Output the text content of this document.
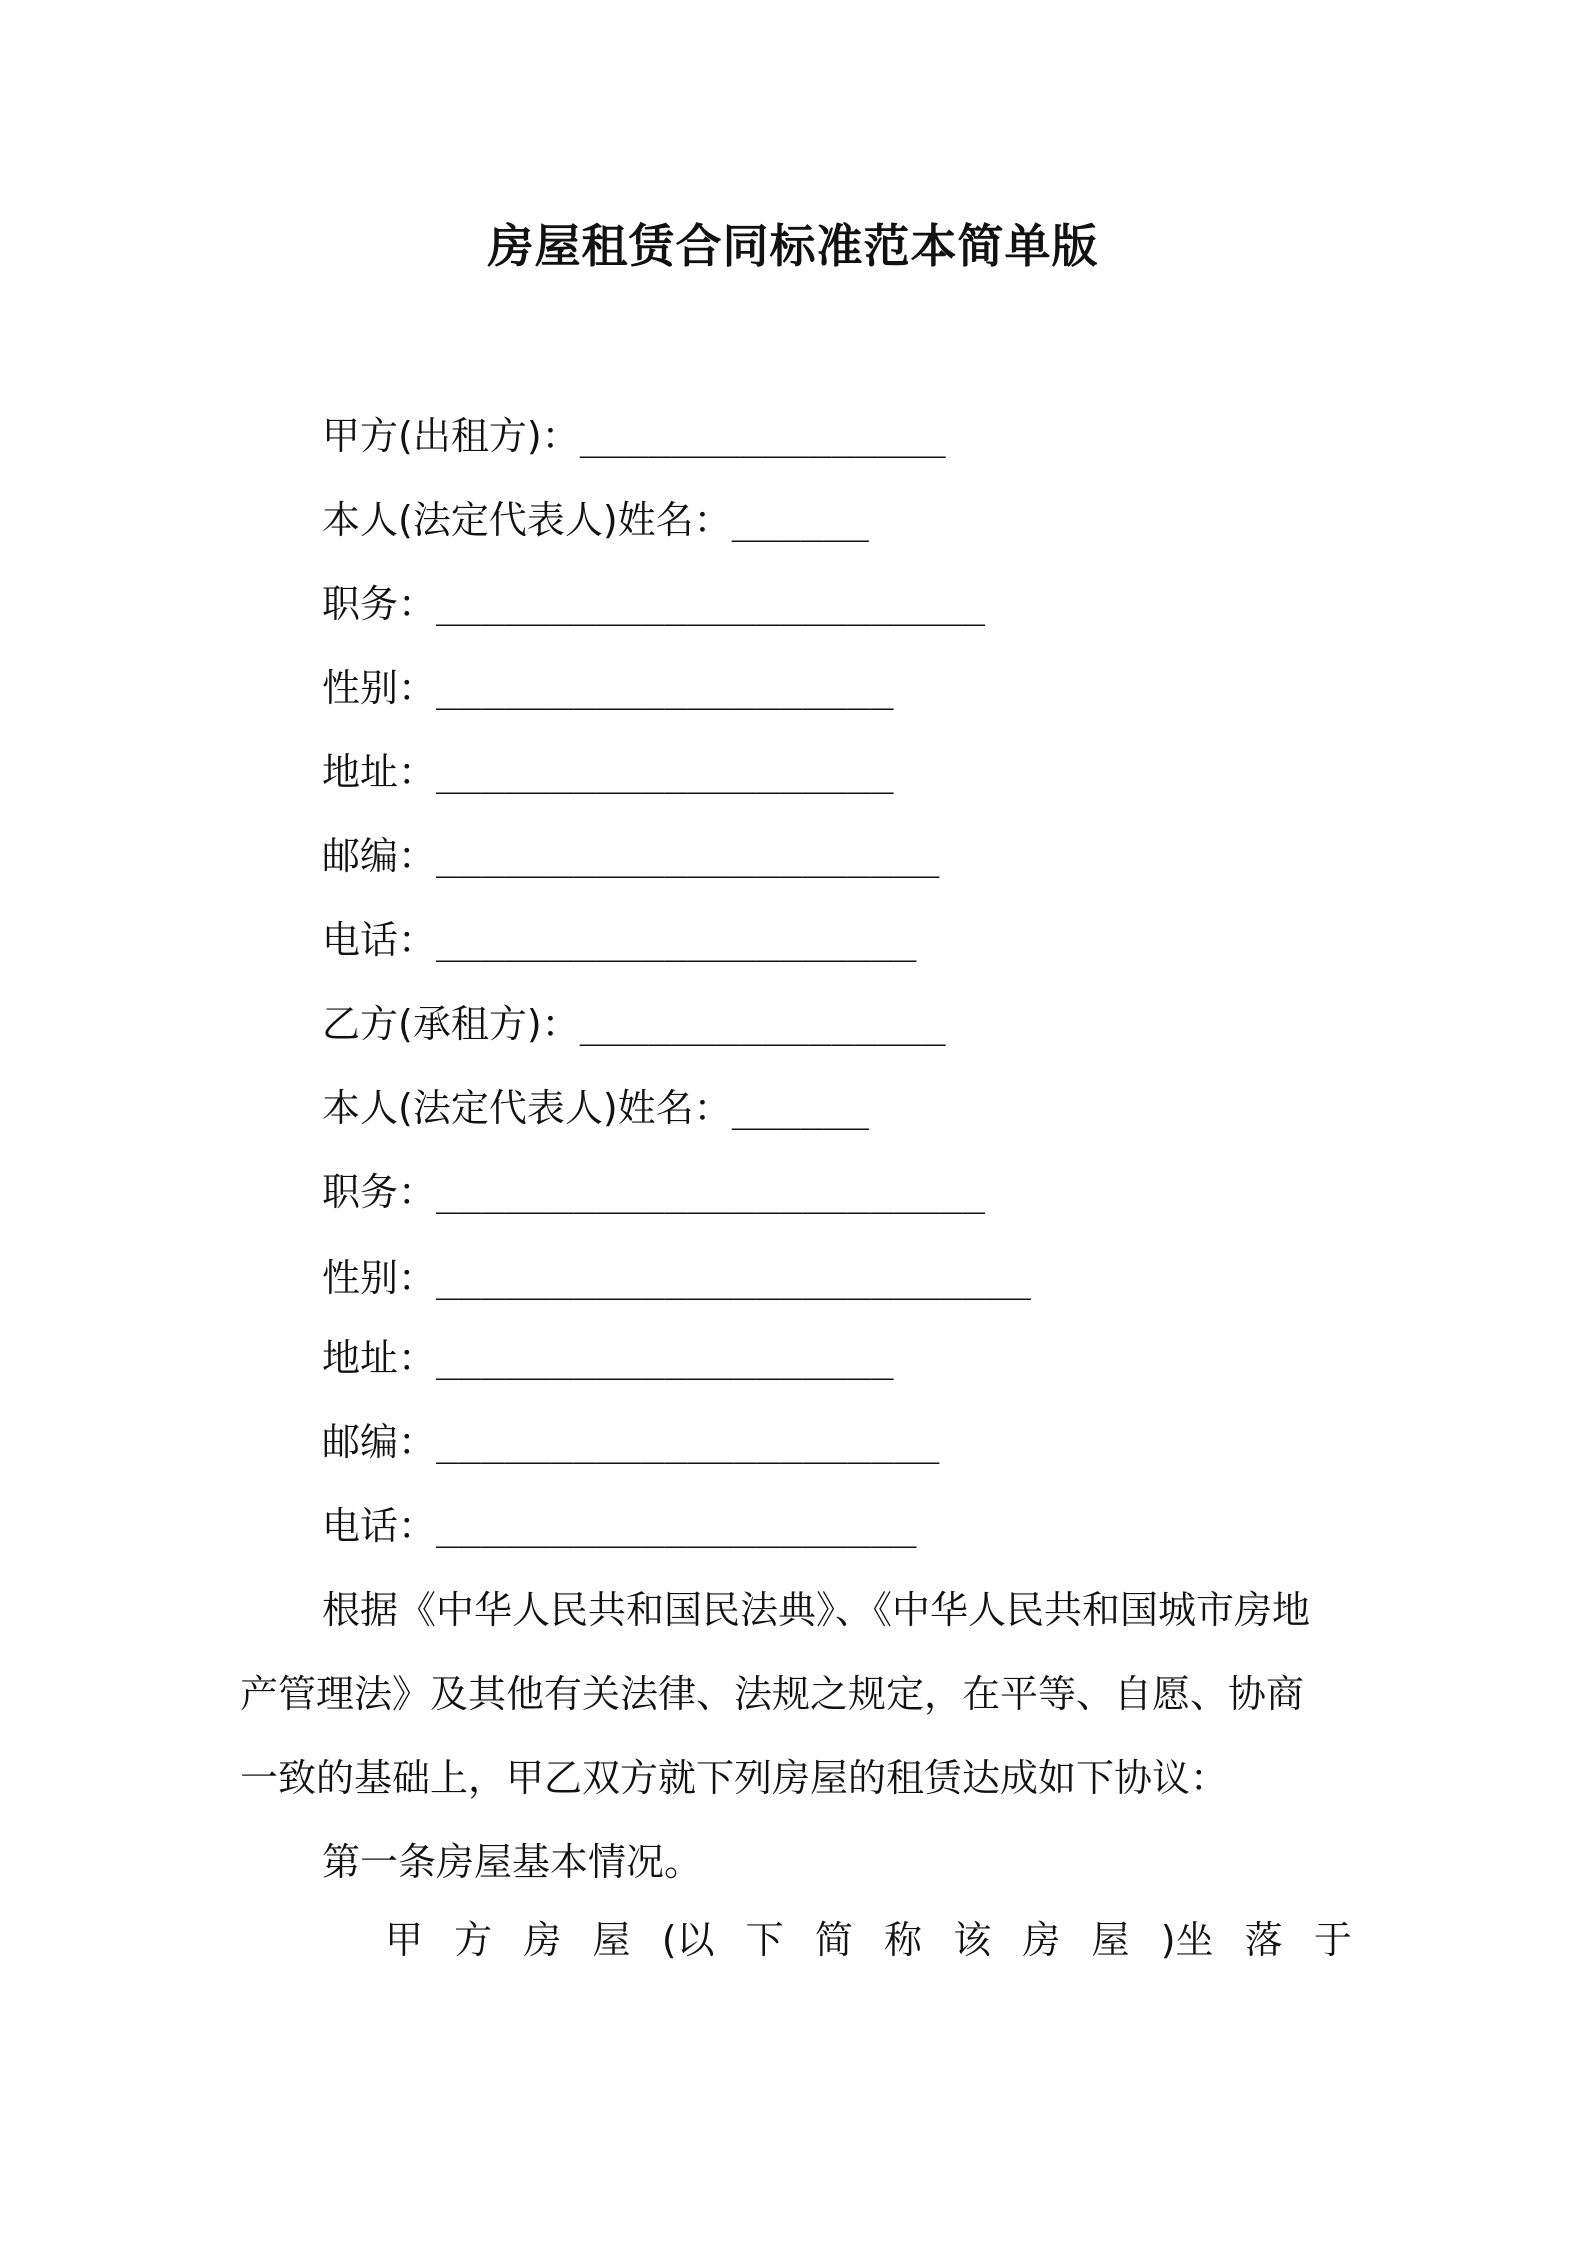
房屋租赁合同标准范本简单版
甲方(出租方)：________________
本人(法定代表人)姓名：______
职务：________________________
性别：____________________
地址：____________________
邮编：______________________
电话：_____________________
乙方(承租方)：________________
本人(法定代表人)姓名：______
职务：________________________
性别：__________________________
地址：____________________
邮编：______________________
电话：_____________________
根据《中华人民共和国民法典》、《中华人民共和国城市房地
产管理法》及其他有关法律、法规之规定，在平等、自愿、协商
一致的基础上，甲乙双方就下列房屋的租赁达成如下协议：
第一条房屋基本情况。
甲 方 房 屋 (以 下 简 称 该 房 屋 )坐 落 于
